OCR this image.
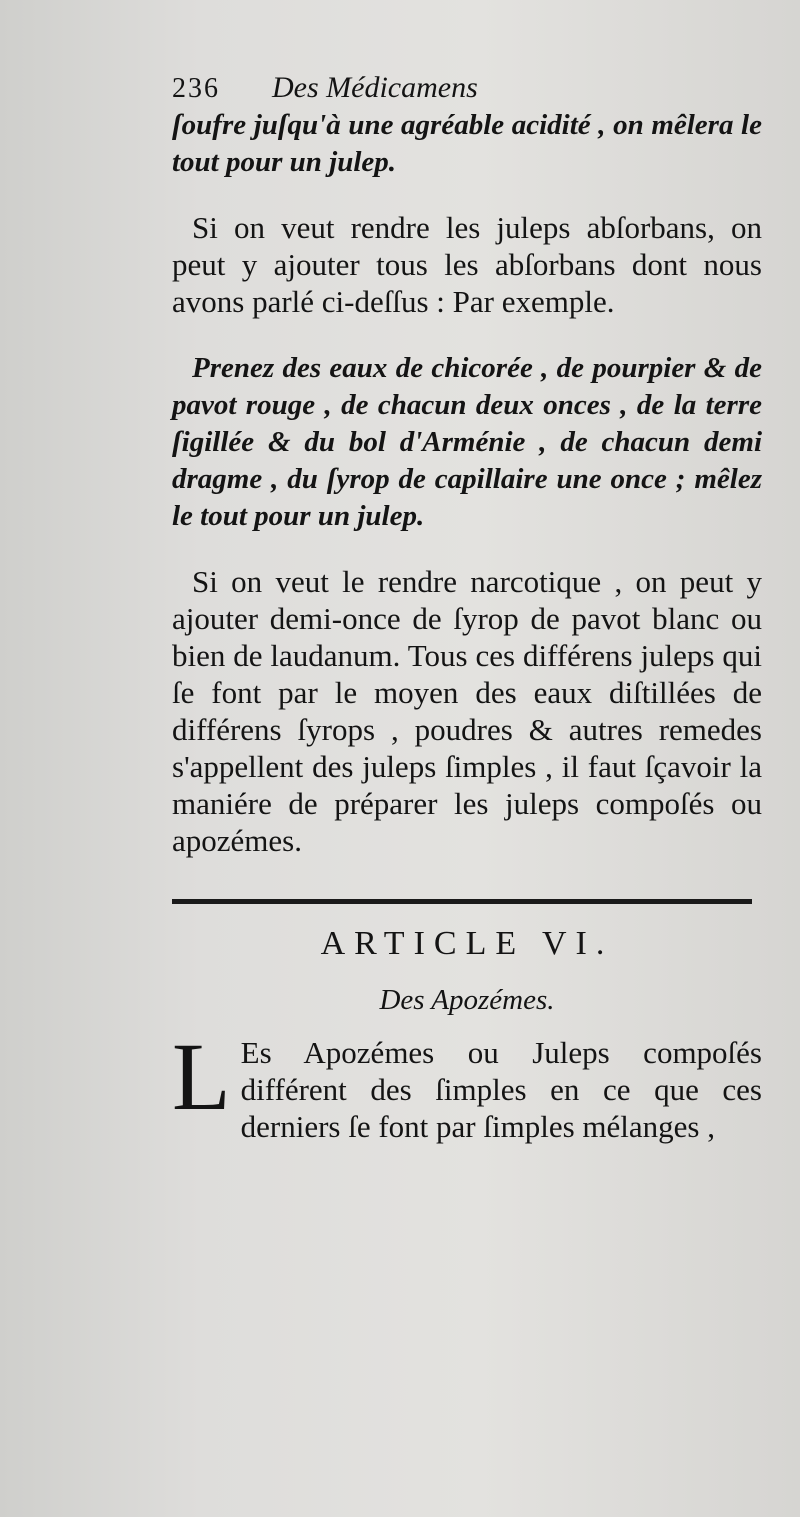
236 Des Médicamens

ſoufre juſqu'à une agréable acidité , on mêlera le tout pour un julep.

Si on veut rendre les juleps abſorbans, on peut y ajouter tous les abſorbans dont nous avons parlé ci-deſſus : Par exemple.

Prenez des eaux de chicorée , de pourpier & de pavot rouge , de chacun deux onces , de la terre ſigillée & du bol d'Arménie , de chacun demi dragme , du ſyrop de capillaire une once ; mêlez le tout pour un julep.

Si on veut le rendre narcotique , on peut y ajouter demi-once de ſyrop de pavot blanc ou bien de laudanum. Tous ces différens juleps qui ſe font par le moyen des eaux diſtillées de différens ſyrops , poudres & autres remedes s'appellent des juleps ſimples , il faut ſçavoir la maniére de préparer les juleps compoſés ou apozémes.

ARTICLE VI.
Des Apozémes.

L Es Apozémes ou Juleps compoſés différent des ſimples en ce que ces derniers ſe font par ſimples mélanges ,
